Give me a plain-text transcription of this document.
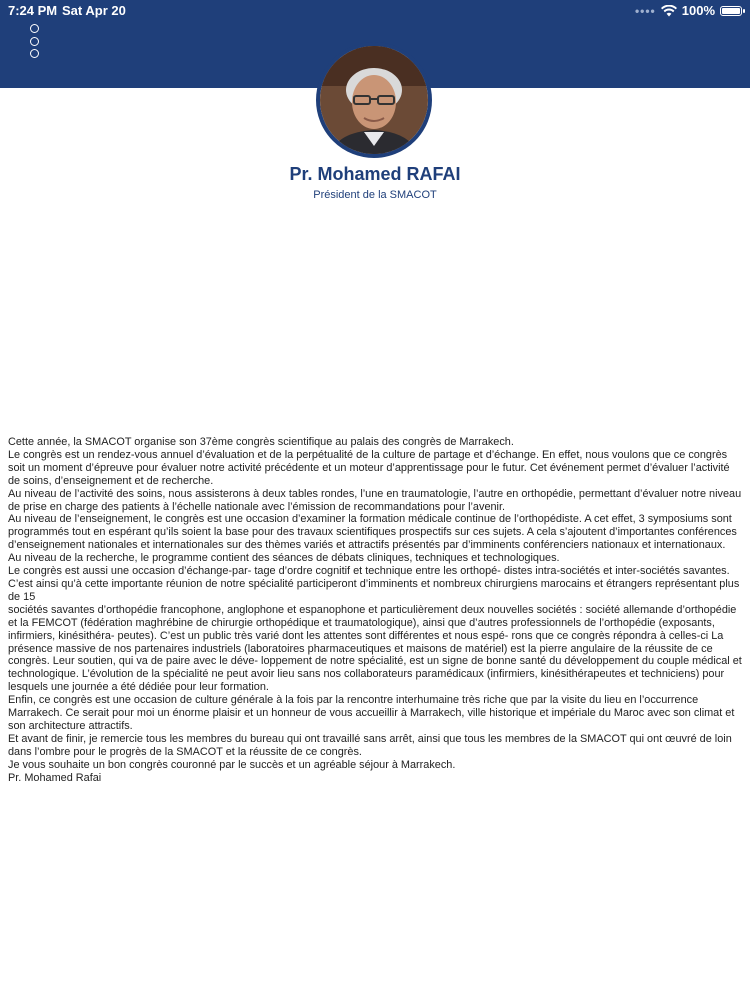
7:24 PM Sat Apr 20	•••• 100%
Pr. Mohamed RAFAI
Président de la SMACOT

Cette année, la SMACOT organise son 37ème congrès scientifique au palais des congrès de Marrakech.

Le congrès est un rendez-vous annuel d’évaluation et de la perpétualité de la culture de partage et d’échange. En effet, nous voulons que ce congrès soit un moment d’épreuve pour évaluer notre activité précédente et un moteur d’apprentissage pour le futur. Cet événement permet d’évaluer l’activité de soins, d’enseignement et de recherche.

Au niveau de l’activité des soins, nous assisterons à deux tables rondes, l’une en traumatologie, l’autre en orthopédie, permettant d’évaluer notre niveau de prise en charge des patients à l’échelle nationale avec l’émission de recommandations pour l’avenir.

Au niveau de l’enseignement, le congrès est une occasion d’examiner la formation médicale continue de l’orthopédiste. A cet effet, 3 symposiums sont programmés tout en espérant qu’ils soient la base pour des travaux scientifiques prospectifs sur ces sujets. A cela s’ajoutent d’importantes conférences d’enseignement nationales et internationales sur des thèmes variés et attractifs présentés par d’imminents conférenciers nationaux et internationaux.

Au niveau de la recherche, le programme contient des séances de débats cliniques, techniques et technologiques.

Le congrès est aussi une occasion d’échange-par- tage d’ordre cognitif et technique entre les orthopé- distes intra-sociétés et inter-sociétés savantes. C’est ainsi qu’à cette importante réunion de notre spécialité participeront d’imminents et nombreux chirurgiens marocains et étrangers représentant plus de 15

sociétés savantes d’orthopédie francophone, anglophone et espanophone et particulièrement deux nouvelles sociétés : société allemande d’orthopédie et la FEMCOT (fédération maghrébine de chirurgie orthopédique et traumatologique), ainsi que d’autres professionnels de l’orthopédie (exposants, infirmiers, kinésithéra- peutes). C’est un public très varié dont les attentes sont différentes et nous espé- rons que ce congrès répondra à celles-ci La présence massive de nos partenaires industriels (laboratoires pharmaceutiques et maisons de matériel) est la pierre angulaire de la réussite de ce congrès. Leur soutien, qui va de paire avec le déve- loppement de notre spécialité, est un signe de bonne santé du développement du couple médical et technologique. L’évolution de la spécialité ne peut avoir lieu sans nos collaborateurs paramédicaux (infirmiers, kinésithérapeutes et techniciens) pour lesquels une journée a été dédiée pour leur formation.

Enfin, ce congrès est une occasion de culture générale à la fois par la rencontre interhumaine très riche que par la visite du lieu en l’occurrence Marrakech. Ce serait pour moi un énorme plaisir et un honneur de vous accueillir à Marrakech, ville historique et impériale du Maroc avec son climat et son architecture attractifs.

Et avant de finir, je remercie tous les membres du bureau qui ont travaillé sans arrêt, ainsi que tous les membres de la SMACOT qui ont œuvré de loin dans l’ombre pour le progrès de la SMACOT et la réussite de ce congrès.

Je vous souhaite un bon congrès couronné par le succès et un agréable séjour à Marrakech.

Pr. Mohamed Rafai
